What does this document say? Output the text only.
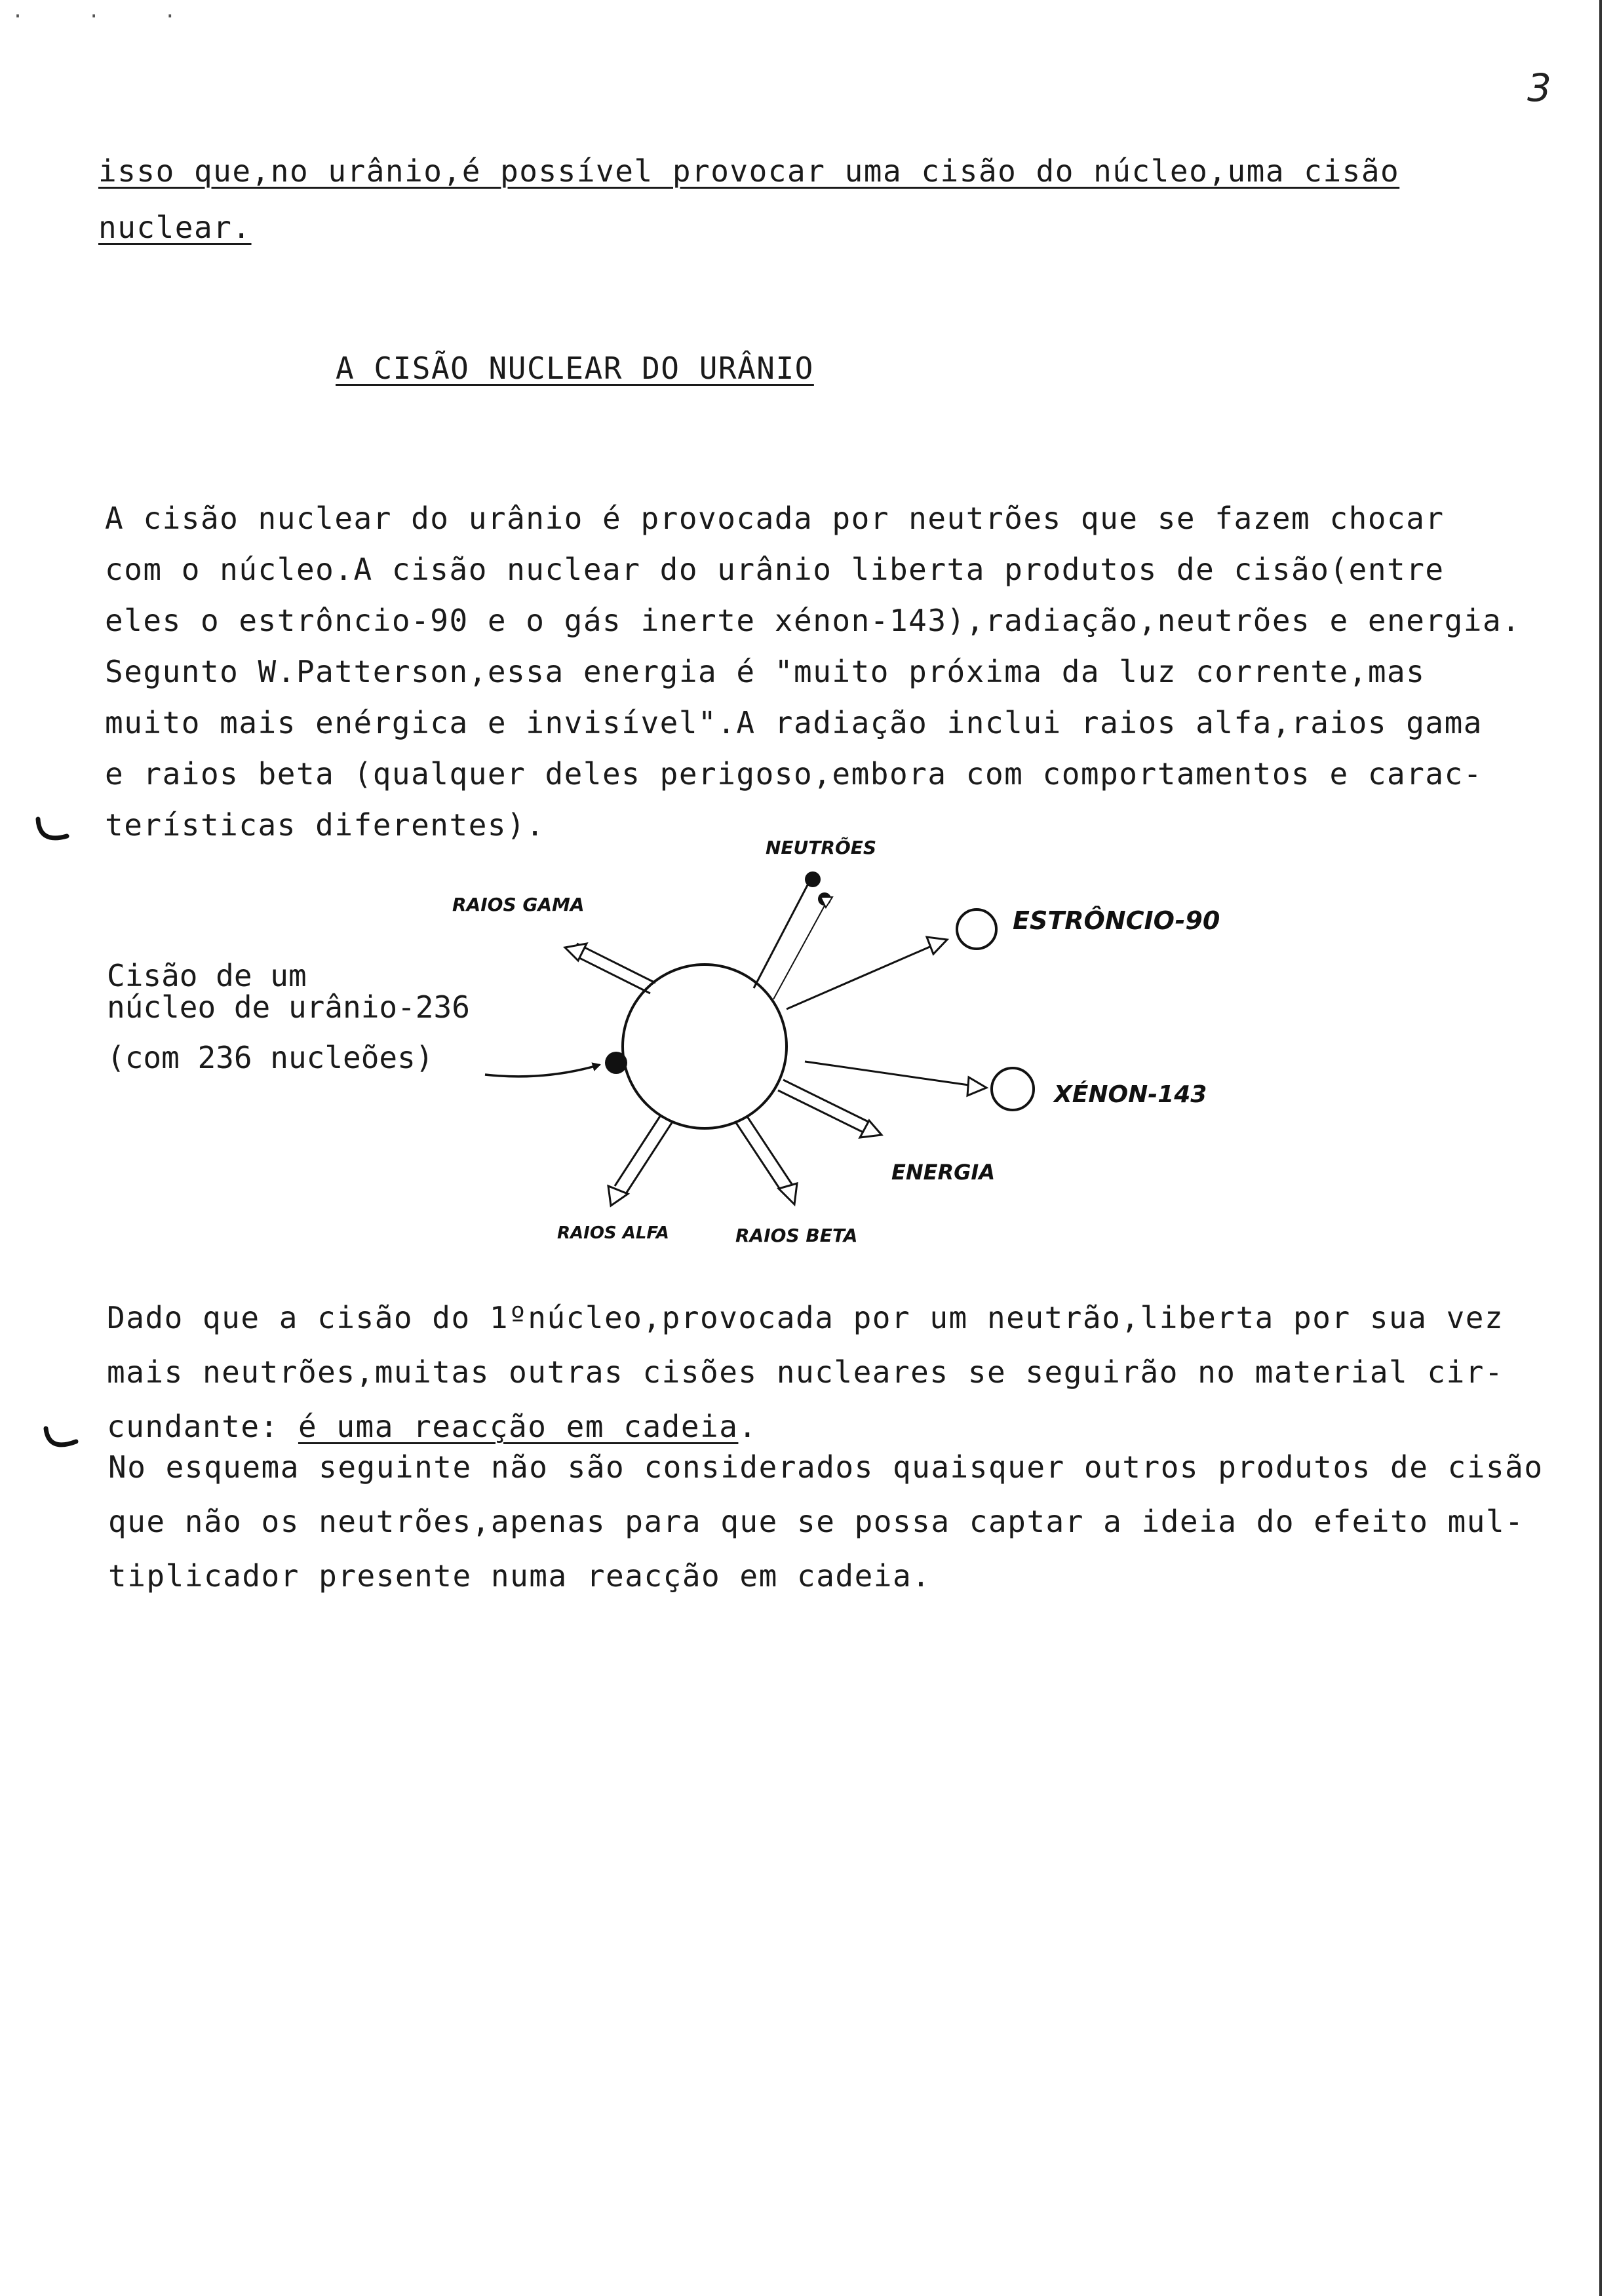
· · ·
3
isso que,no urânio,é possível provocar uma cisão do núcleo,uma cisão
nuclear.
A CISÃO NUCLEAR DO URÂNIO
A cisão nuclear do urânio é provocada por neutrões que se fazem chocar
com o núcleo.A cisão nuclear do urânio liberta produtos de cisão(entre
eles o estrôncio-90 e o gás inerte xénon-143),radiação,neutrões e energia.
Segunto W.Patterson,essa energia é "muito próxima da luz corrente,mas
muito mais enérgica e invisível".A radiação inclui raios alfa,raios gama
e raios beta (qualquer deles perigoso,embora com comportamentos e carac-
terísticas diferentes).
NEUTRÕES
RAIOS GAMA
ESTRÔNCIO-90
XÉNON-143
ENERGIA
RAIOS BETA
RAIOS ALFA
Cisão de um
núcleo de urânio-236
(com 236 nucleões)
Dado que a cisão do 1ºnúcleo,provocada por um neutrão,liberta por sua vez
mais neutrões,muitas outras cisões nucleares se seguirão no material cir-
cundante: é uma reacção em cadeia.
No esquema seguinte não são considerados quaisquer outros produtos de cisão
que não os neutrões,apenas para que se possa captar a ideia do efeito mul-
tiplicador presente numa reacção em cadeia.
